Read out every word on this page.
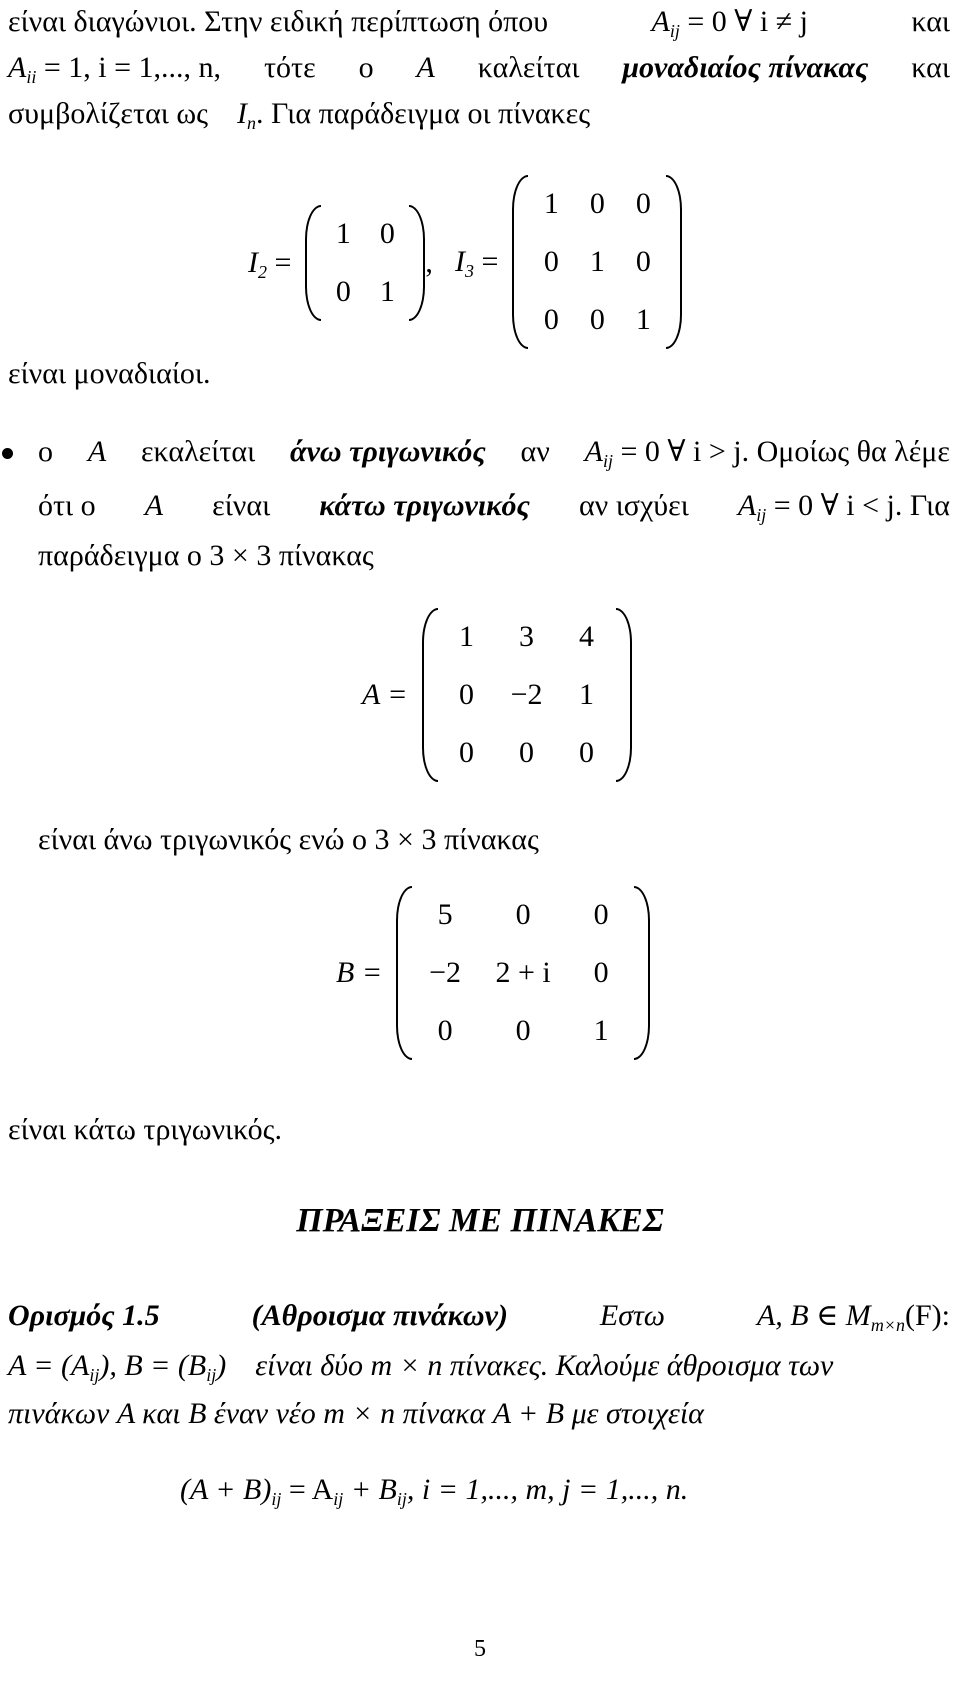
είναι διαγώνιοι. Στην ειδική περίπτωση όπου	$A_{ij} = 0$ ∀ i ≠ j	και
$A_{ii} = 1$, i = 1,..., n, τότε ο A καλείται μοναδιαίος πίνακας και
συμβολίζεται ως $I_n$. Για παράδειγμα οι πίνακες
$I_2$ =
1 0
0 1
, $I_3$ =
1	0	0
0	1	0
0	0	1
είναι μοναδιαίοι.
ο A εκαλείται άνω τριγωνικός αν $A_{ij} = 0$ ∀ i > j. Ομοίως θα λέμε
ότι ο A είναι κάτω τριγωνικός αν ισχύει $A_{ij} = 0$ ∀ i < j. Για
παράδειγμα ο 3 × 3 πίνακας
A =
1	3	4
0	−2	1
0	0	0
είναι άνω τριγωνικός ενώ ο 3 × 3 πίνακας
B =
5	0	0
−2	2 + i	0
0	0	1
είναι κάτω τριγωνικός.
ΠΡΑΞΕΙΣ ΜΕ ΠΙΝΑΚΕΣ
Ορισμός 1.5	(Αθροισμα πινάκων)	Εστω	A, B ∈ $M_{m\times n}(F)$:
$A = (A_{ij})$, $B = (B_{ij})$ είναι δύο m × n πίνακες. Καλούμε άθροισμα των
πινάκων A και B έναν νέο m × n πίνακα A + B με στοιχεία
$(A + B)_{ij} = A_{ij} + B_{ij}$, i = 1,..., m, j = 1,..., n.
5
